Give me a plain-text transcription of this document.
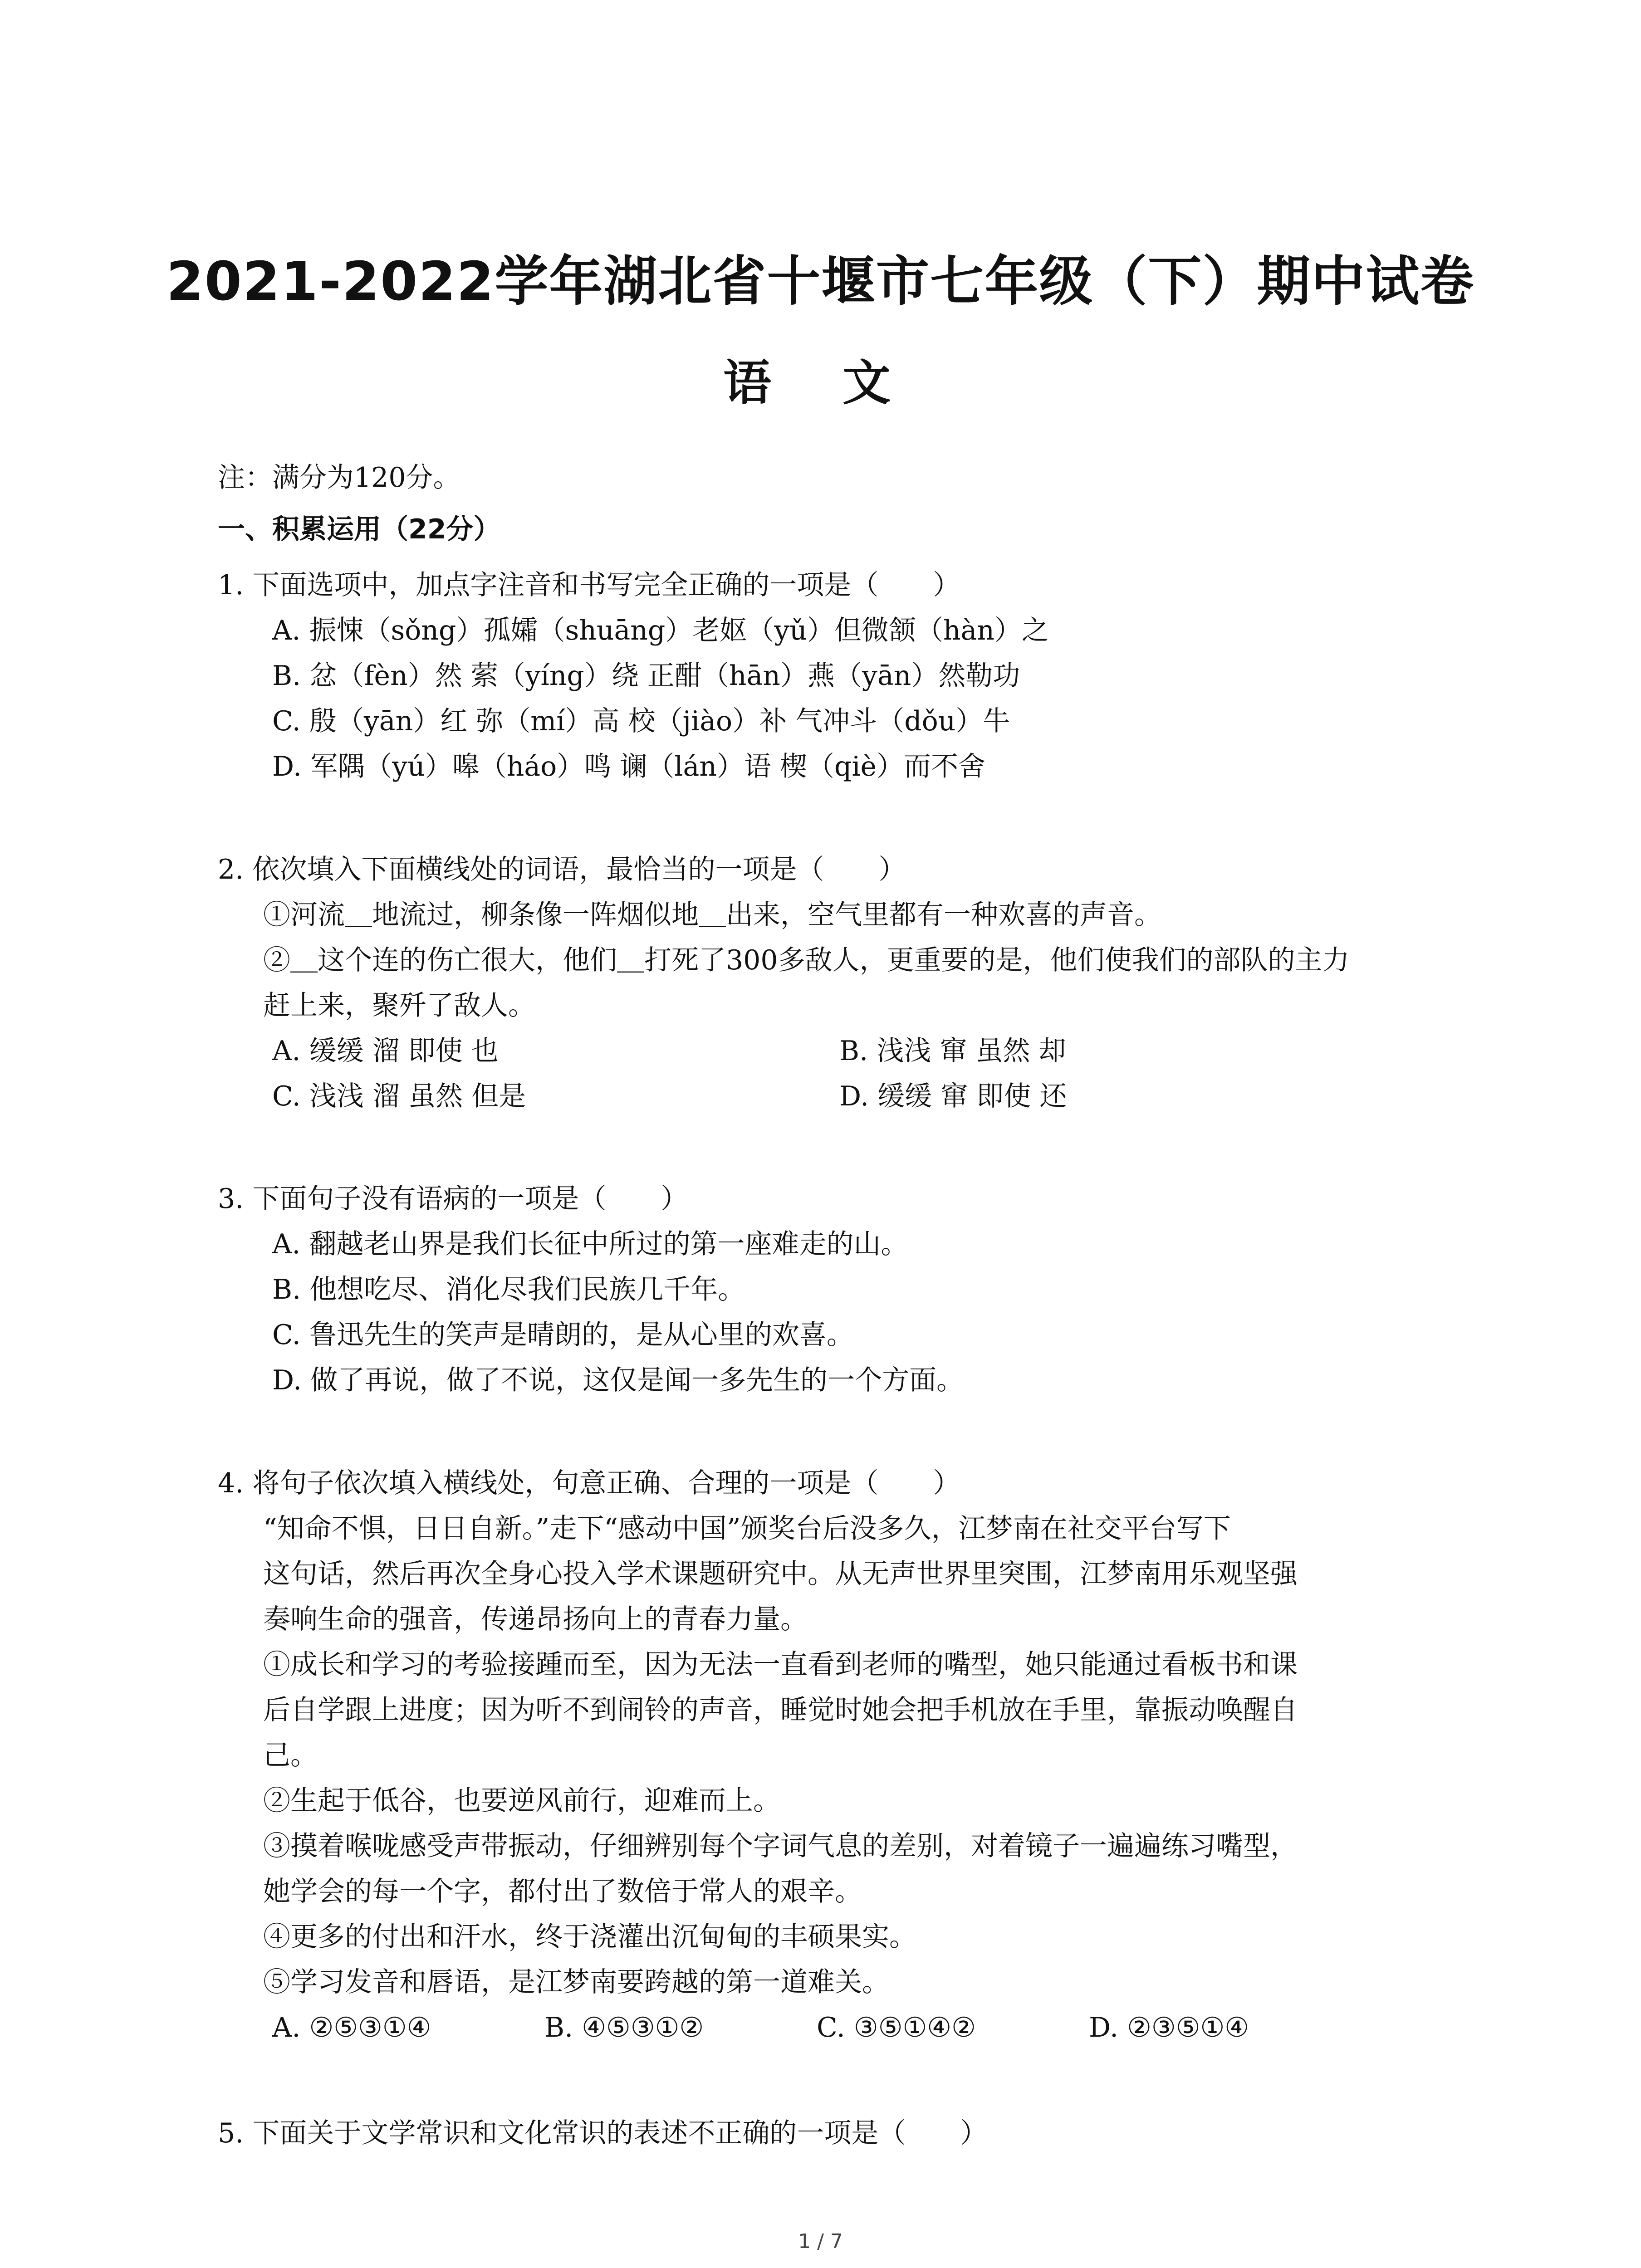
2021-2022学年湖北省十堰市七年级（下）期中试卷
语 文
注：满分为120分。
一、积累运用（22分）
1. 下面选项中，加点字注音和书写完全正确的一项是（　　）
A. 振悚（sǒng）孤孀（shuāng）老妪（yǔ）但微颔（hàn）之
B. 忿（fèn）然 萦（yíng）绕 正酣（hān）燕（yān）然勒功
C. 殷（yān）红 弥（mí）高 校（jiào）补 气冲斗（dǒu）牛
D. 军隅（yú）嗥（háo）鸣 谰（lán）语 楔（qiè）而不舍
2. 依次填入下面横线处的词语，最恰当的一项是（　　）
①河流＿地流过，柳条像一阵烟似地＿出来，空气里都有一种欢喜的声音。
②＿这个连的伤亡很大，他们＿打死了300多敌人，更重要的是，他们使我们的部队的主力
赶上来，聚歼了敌人。
A. 缓缓 溜 即使 也	B. 浅浅 窜 虽然 却
C. 浅浅 溜 虽然 但是	D. 缓缓 窜 即使 还
3. 下面句子没有语病的一项是（　　）
A. 翻越老山界是我们长征中所过的第一座难走的山。
B. 他想吃尽、消化尽我们民族几千年。
C. 鲁迅先生的笑声是晴朗的，是从心里的欢喜。
D. 做了再说，做了不说，这仅是闻一多先生的一个方面。
4. 将句子依次填入横线处，句意正确、合理的一项是（　　）
“知命不惧，日日自新。”走下“感动中国”颁奖台后没多久，江梦南在社交平台写下
这句话，然后再次全身心投入学术课题研究中。从无声世界里突围，江梦南用乐观坚强
奏响生命的强音，传递昂扬向上的青春力量。
①成长和学习的考验接踵而至，因为无法一直看到老师的嘴型，她只能通过看板书和课
后自学跟上进度；因为听不到闹铃的声音，睡觉时她会把手机放在手里，靠振动唤醒自
己。
②生起于低谷，也要逆风前行，迎难而上。
③摸着喉咙感受声带振动，仔细辨别每个字词气息的差别，对着镜子一遍遍练习嘴型，
她学会的每一个字，都付出了数倍于常人的艰辛。
④更多的付出和汗水，终于浇灌出沉甸甸的丰硕果实。
⑤学习发音和唇语，是江梦南要跨越的第一道难关。
A. ②⑤③①④	B. ④⑤③①②	C. ③⑤①④②	D. ②③⑤①④
5. 下面关于文学常识和文化常识的表述不正确的一项是（　　）
1 / 7
